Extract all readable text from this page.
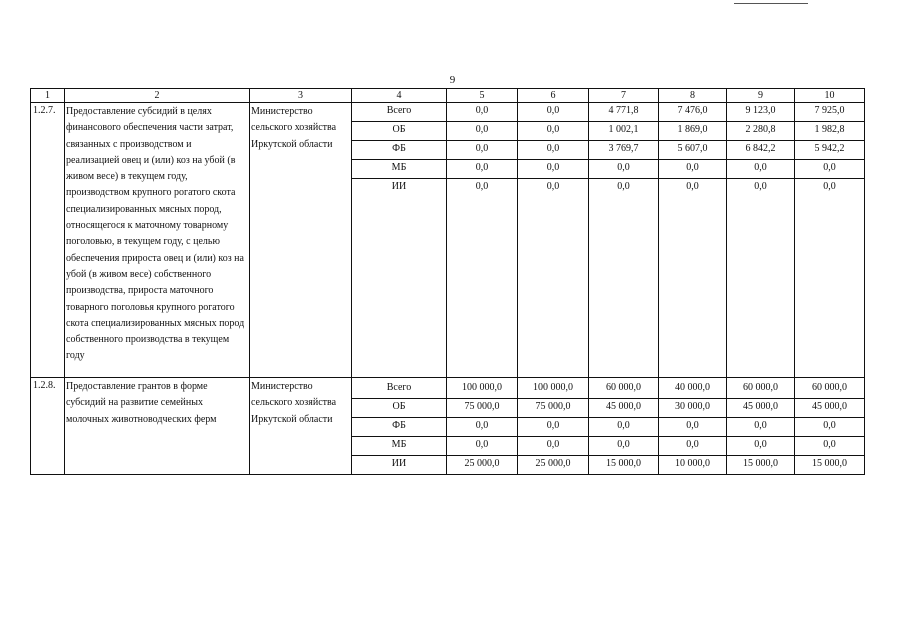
9
1	2	3	4	5	6	7	8	9	10
1.2.7.	Предоставление субсидий в целях финансового обеспечения части затрат, связанных с производством и реализацией овец и (или) коз на убой (в живом весе) в текущем году, производством крупного рогатого скота специализированных мясных пород, относящегося к маточному товарному поголовью, в текущем году, с целью обеспечения прироста овец и (или) коз на убой (в живом весе) собственного производства, прироста маточного товарного поголовья крупного рогатого скота специализированных мясных пород собственного производства в текущем году	Министерство сельского хозяйства Иркутской области	Всего	0,0	0,0	4 771,8	7 476,0	9 123,0	7 925,0
			ОБ	0,0	0,0	1 002,1	1 869,0	2 280,8	1 982,8
			ФБ	0,0	0,0	3 769,7	5 607,0	6 842,2	5 942,2
			МБ	0,0	0,0	0,0	0,0	0,0	0,0
			ИИ	0,0	0,0	0,0	0,0	0,0	0,0
1.2.8.	Предоставление грантов в форме субсидий на развитие семейных молочных животноводческих ферм	Министерство сельского хозяйства Иркутской области	Всего	100 000,0	100 000,0	60 000,0	40 000,0	60 000,0	60 000,0
			ОБ	75 000,0	75 000,0	45 000,0	30 000,0	45 000,0	45 000,0
			ФБ	0,0	0,0	0,0	0,0	0,0	0,0
			МБ	0,0	0,0	0,0	0,0	0,0	0,0
			ИИ	25 000,0	25 000,0	15 000,0	10 000,0	15 000,0	15 000,0
